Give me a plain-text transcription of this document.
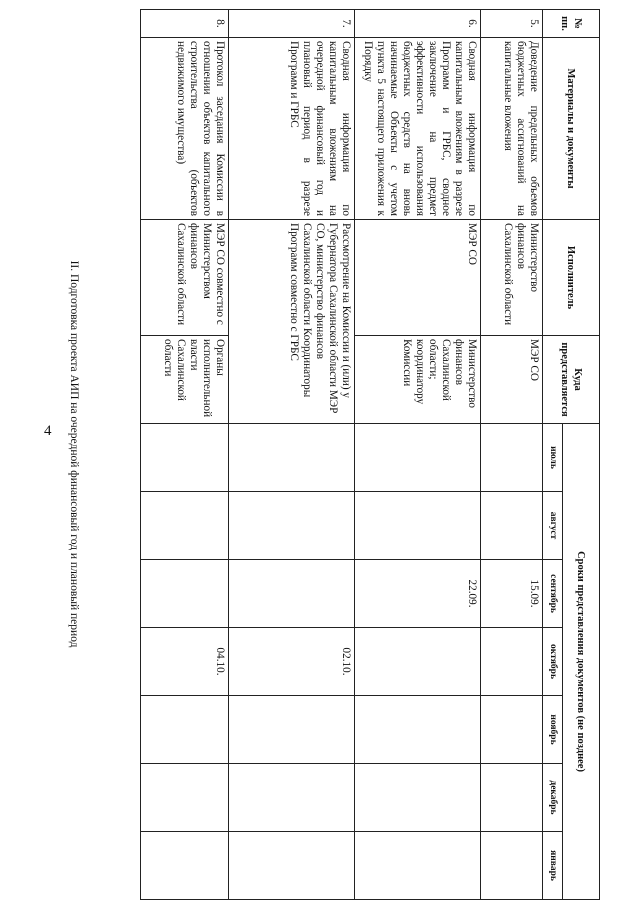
4
№ пп.	Материалы и документы	Исполнитель	Куда представляется	Сроки представления документов (не позднее)						
				июль	август	сентябрь	октябрь	ноябрь	декабрь	январь
5.	Доведение предельных объемов бюджетных ассигнований на капитальные вложения	Министерство финансов Сахалинской области	МЭР СО			15.09.				
6.	Сводная информация по капитальным вложениям в разрезе Программ и ГРБС, сводное заключение на предмет эффективности использования бюджетных средств на вновь начинаемые Объекты с учетом пункта 5 настоящего приложения к Порядку	МЭР СО	Министерство финансов Сахалинской области; координатору Комиссии			22.09.				
7.	Сводная информация по капитальным вложениям на очередной финансовый год и плановый период в разрезе Программ и ГРБС	Рассмотрение на Комиссии и (или) у Губернатора Сахалинской области МЭР СО, министерство финансов Сахалинской области Координаторы Программ совместно с ГРБС					02.10.			
8.	Протокол заседания Комиссии в отношении объектов капитального строительства (объектов недвижимого имущества)	МЭР СО совместно с Министерством финансов Сахалинской области	Органы исполнительной власти Сахалинской области				04.10.			
II. Подготовка проекта АИП на очередной финансовый год и плановый период
